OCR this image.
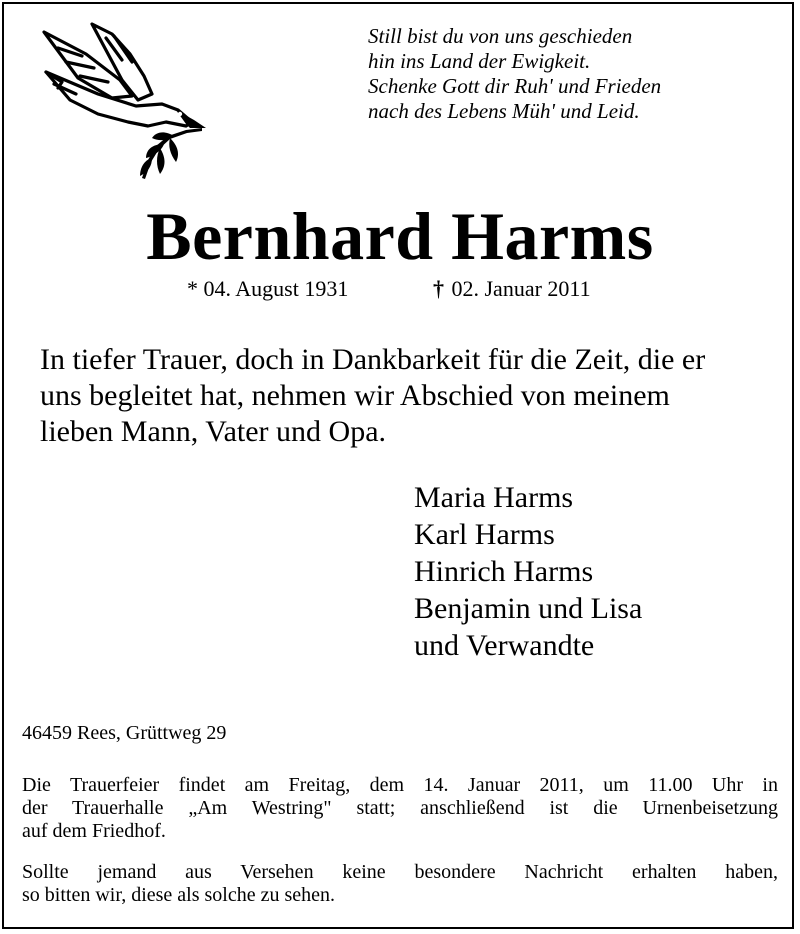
Still bist du von uns geschieden
hin ins Land der Ewigkeit.
Schenke Gott dir Ruh' und Frieden
nach des Lebens Müh' und Leid.
Bernhard Harms
* 04. August 1931	† 02. Januar 2011
In tiefer Trauer, doch in Dankbarkeit für die Zeit, die er
uns begleitet hat, nehmen wir Abschied von meinem
lieben Mann, Vater und Opa.
Maria Harms
Karl Harms
Hinrich Harms
Benjamin und Lisa
und Verwandte
46459 Rees, Grüttweg 29
Die Trauerfeier findet am Freitag, dem 14. Januar 2011, um 11.00 Uhr in
der Trauerhalle „Am Westring" statt; anschließend ist die Urnenbeisetzung
auf dem Friedhof.
Sollte jemand aus Versehen keine besondere Nachricht erhalten haben,
so bitten wir, diese als solche zu sehen.
